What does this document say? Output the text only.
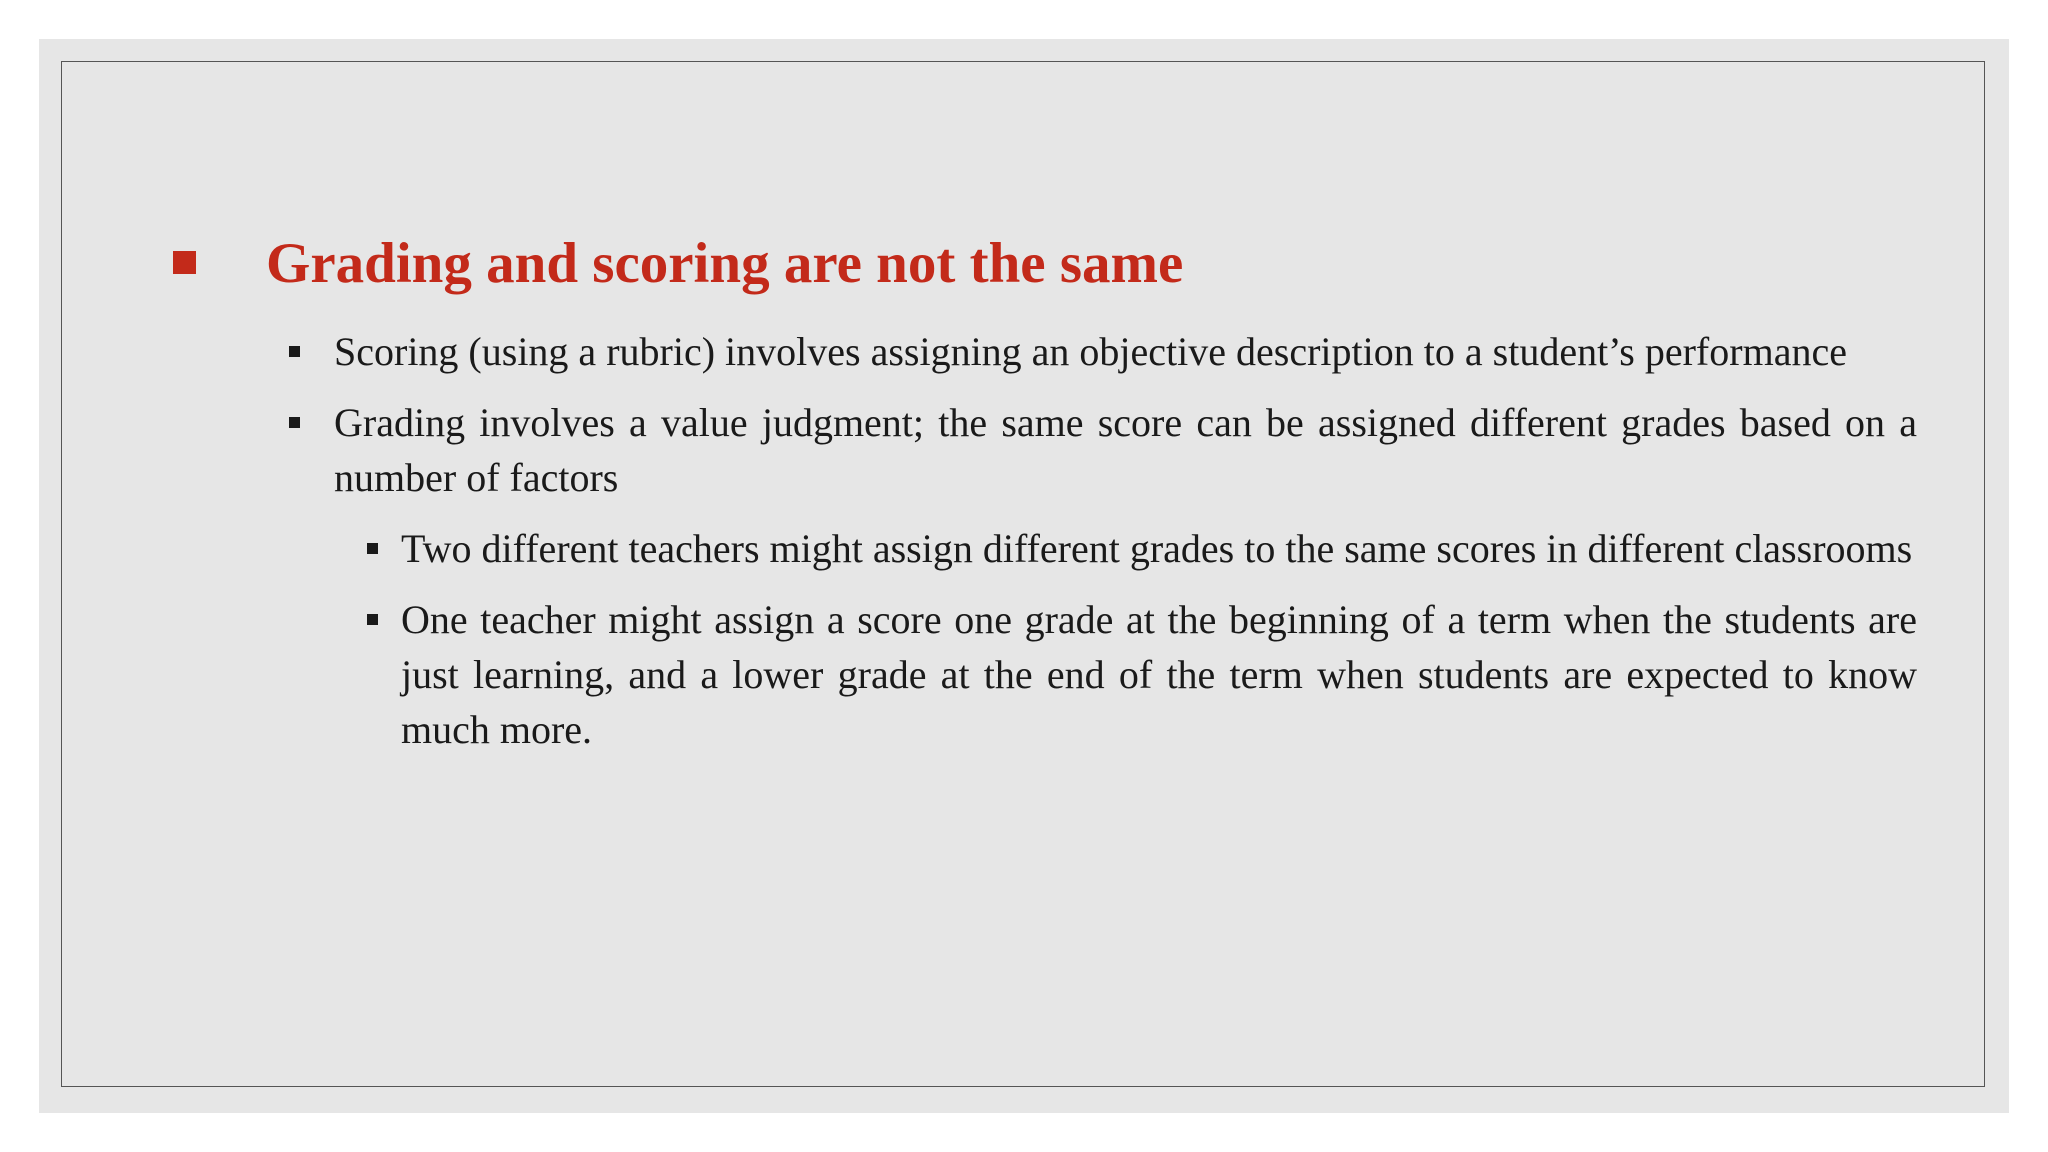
Grading and scoring are not the same
Scoring (using a rubric) involves assigning an objective description to a student’s performance
Grading involves a value judgment; the same score can be assigned different grades based on a number of factors
Two different teachers might assign different grades to the same scores in different classrooms
One teacher might assign a score one grade at the beginning of a term when the students are just learning, and a lower grade at the end of the term when students are expected to know much more.
